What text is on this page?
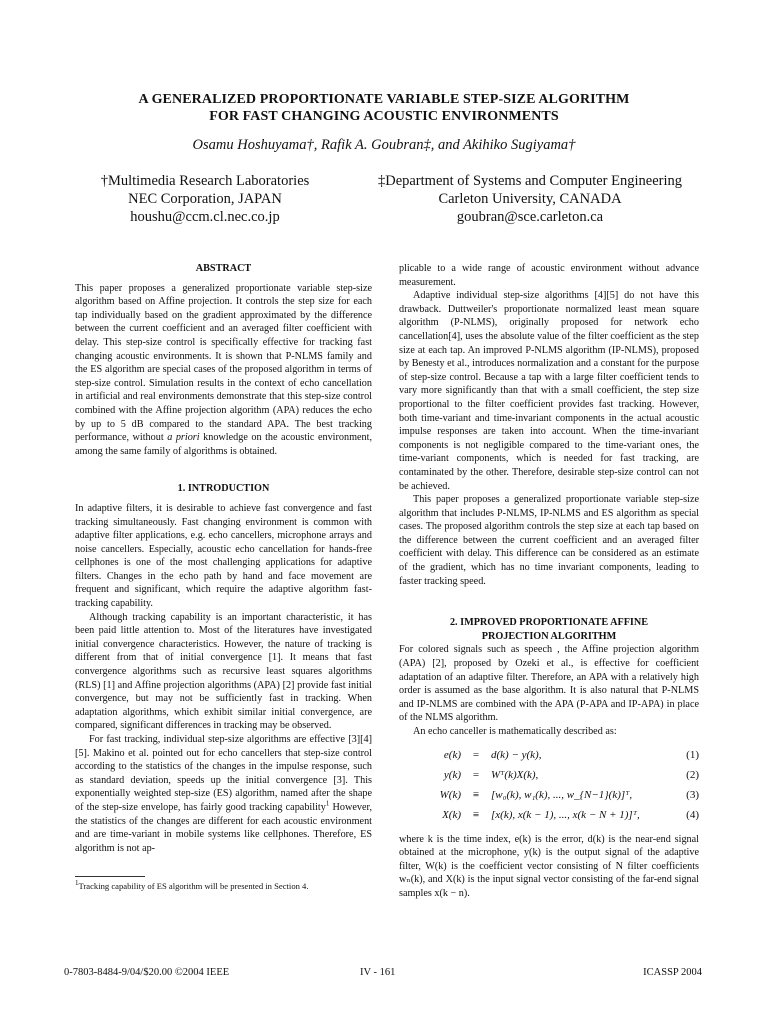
A GENERALIZED PROPORTIONATE VARIABLE STEP-SIZE ALGORITHM
FOR FAST CHANGING ACOUSTIC ENVIRONMENTS
Osamu Hoshuyama†, Rafik A. Goubran‡, and Akihiko Sugiyama†
†Multimedia Research Laboratories
NEC Corporation, JAPAN
houshu@ccm.cl.nec.co.jp
‡Department of Systems and Computer Engineering
Carleton University, CANADA
goubran@sce.carleton.ca

ABSTRACT

This paper proposes a generalized proportionate variable step-size algorithm based on Affine projection. It controls the step size for each tap individually based on the gradient approximated by the difference between the current coefficient and an averaged filter coefficient with delay. This step-size control is specifically effective for tracking fast changing acoustic environments. It is shown that P-NLMS family and the ES algorithm are special cases of the proposed algorithm in terms of step-size control. Simulation results in the context of echo cancellation in artificial and real environments demonstrate that this step-size control combined with the Affine projection algorithm (APA) reduces the echo by up to 5 dB compared to the standard APA. The best tracking performance, without a priori knowledge on the acoustic environment, among the same family of algorithms is obtained.

1. INTRODUCTION

In adaptive filters, it is desirable to achieve fast convergence and fast tracking simultaneously. Fast changing environment is common with adaptive filter applications, e.g. echo cancellers, microphone arrays and noise cancellers. Especially, acoustic echo cancellation for hands-free cellphones is one of the most challenging applications for adaptive filters. Changes in the echo path by hand and face movement are frequent and significant, which require the adaptive algorithm fast-tracking capability.

Although tracking capability is an important characteristic, it has been paid little attention to. Most of the literatures have investigated initial convergence characteristics. However, the nature of tracking is different from that of initial convergence [1]. It means that fast convergence algorithms such as recursive least squares algorithms (RLS) [1] and Affine projection algorithms (APA) [2] provide fast initial convergence, but may not be sufficiently fast in tracking. When adaptation algorithms, which exhibit similar initial convergence, are compared, significant differences in tracking may be observed.

For fast tracking, individual step-size algorithms are effective [3][4][5]. Makino et al. pointed out for echo cancellers that step-size control according to the statistics of the changes in the impulse response, such as standard deviation, speeds up the initial convergence [3]. This exponentially weighted step-size (ES) algorithm, named after the shape of the step-size envelope, has fairly good tracking capability$^1$ However, the statistics of the changes are different for each acoustic environment and are time-variant in mobile systems like cellphones. Therefore, ES algorithm is not ap-

plicable to a wide range of acoustic environment without advance measurement.

Adaptive individual step-size algorithms [4][5] do not have this drawback. Duttweiler's proportionate normalized least mean square algorithm (P-NLMS), originally proposed for network echo cancellation[4], uses the absolute value of the filter coefficient as the step size at each tap. An improved P-NLMS algorithm (IP-NLMS), proposed by Benesty et al., introduces normalization and a constant for the purpose of step-size control. Because a tap with a large filter coefficient tends to vary more significantly than that with a small coefficient, the step size proportional to the filter coefficient provides fast tracking. However, both time-variant and time-invariant components in the actual acoustic impulse responses are taken into account. When the time-invariant components is not negligible compared to the time-variant ones, the time-variant components, which is needed for fast tracking, are contaminated by the other. Therefore, desirable step-size control can not be achieved.

This paper proposes a generalized proportionate variable step-size algorithm that includes P-NLMS, IP-NLMS and ES algorithm as special cases. The proposed algorithm controls the step size at each tap based on the difference between the current coefficient and an averaged filter coefficient with delay. This difference can be considered as an estimate of the gradient, which has no time invariant components, leading to faster tracking speed.

2. IMPROVED PROPORTIONATE AFFINE
PROJECTION ALGORITHM

For colored signals such as speech , the Affine projection algorithm (APA) [2], proposed by Ozeki et al., is effective for coefficient adaptation of an adaptive filter. Therefore, an APA with a relatively high order is assumed as the base algorithm. It is also natural that P-NLMS and IP-NLMS are combined with the APA (P-APA and IP-APA) in place of the NLMS algorithm.

An echo canceller is mathematically described as:

e(k)	=	d(k) − y(k),	(1)
y(k)	=	Wᵀ(k)X(k),	(2)
W(k)	≡	[w₀(k), w₁(k), ..., w_{N−1}(k)]ᵀ,	(3)
X(k)	≡	[x(k), x(k − 1), ..., x(k − N + 1)]ᵀ,	(4)

where k is the time index, e(k) is the error, d(k) is the near-end signal obtained at the microphone, y(k) is the output signal of the adaptive filter, W(k) is the coefficient vector consisting of N filter coefficients wₙ(k), and X(k) is the input signal vector consisting of the far-end signal samples x(k − n).

$^1$Tracking capability of ES algorithm will be presented in Section 4.
0-7803-8484-9/04/$20.00 ©2004 IEEE	IV - 161	ICASSP 2004
